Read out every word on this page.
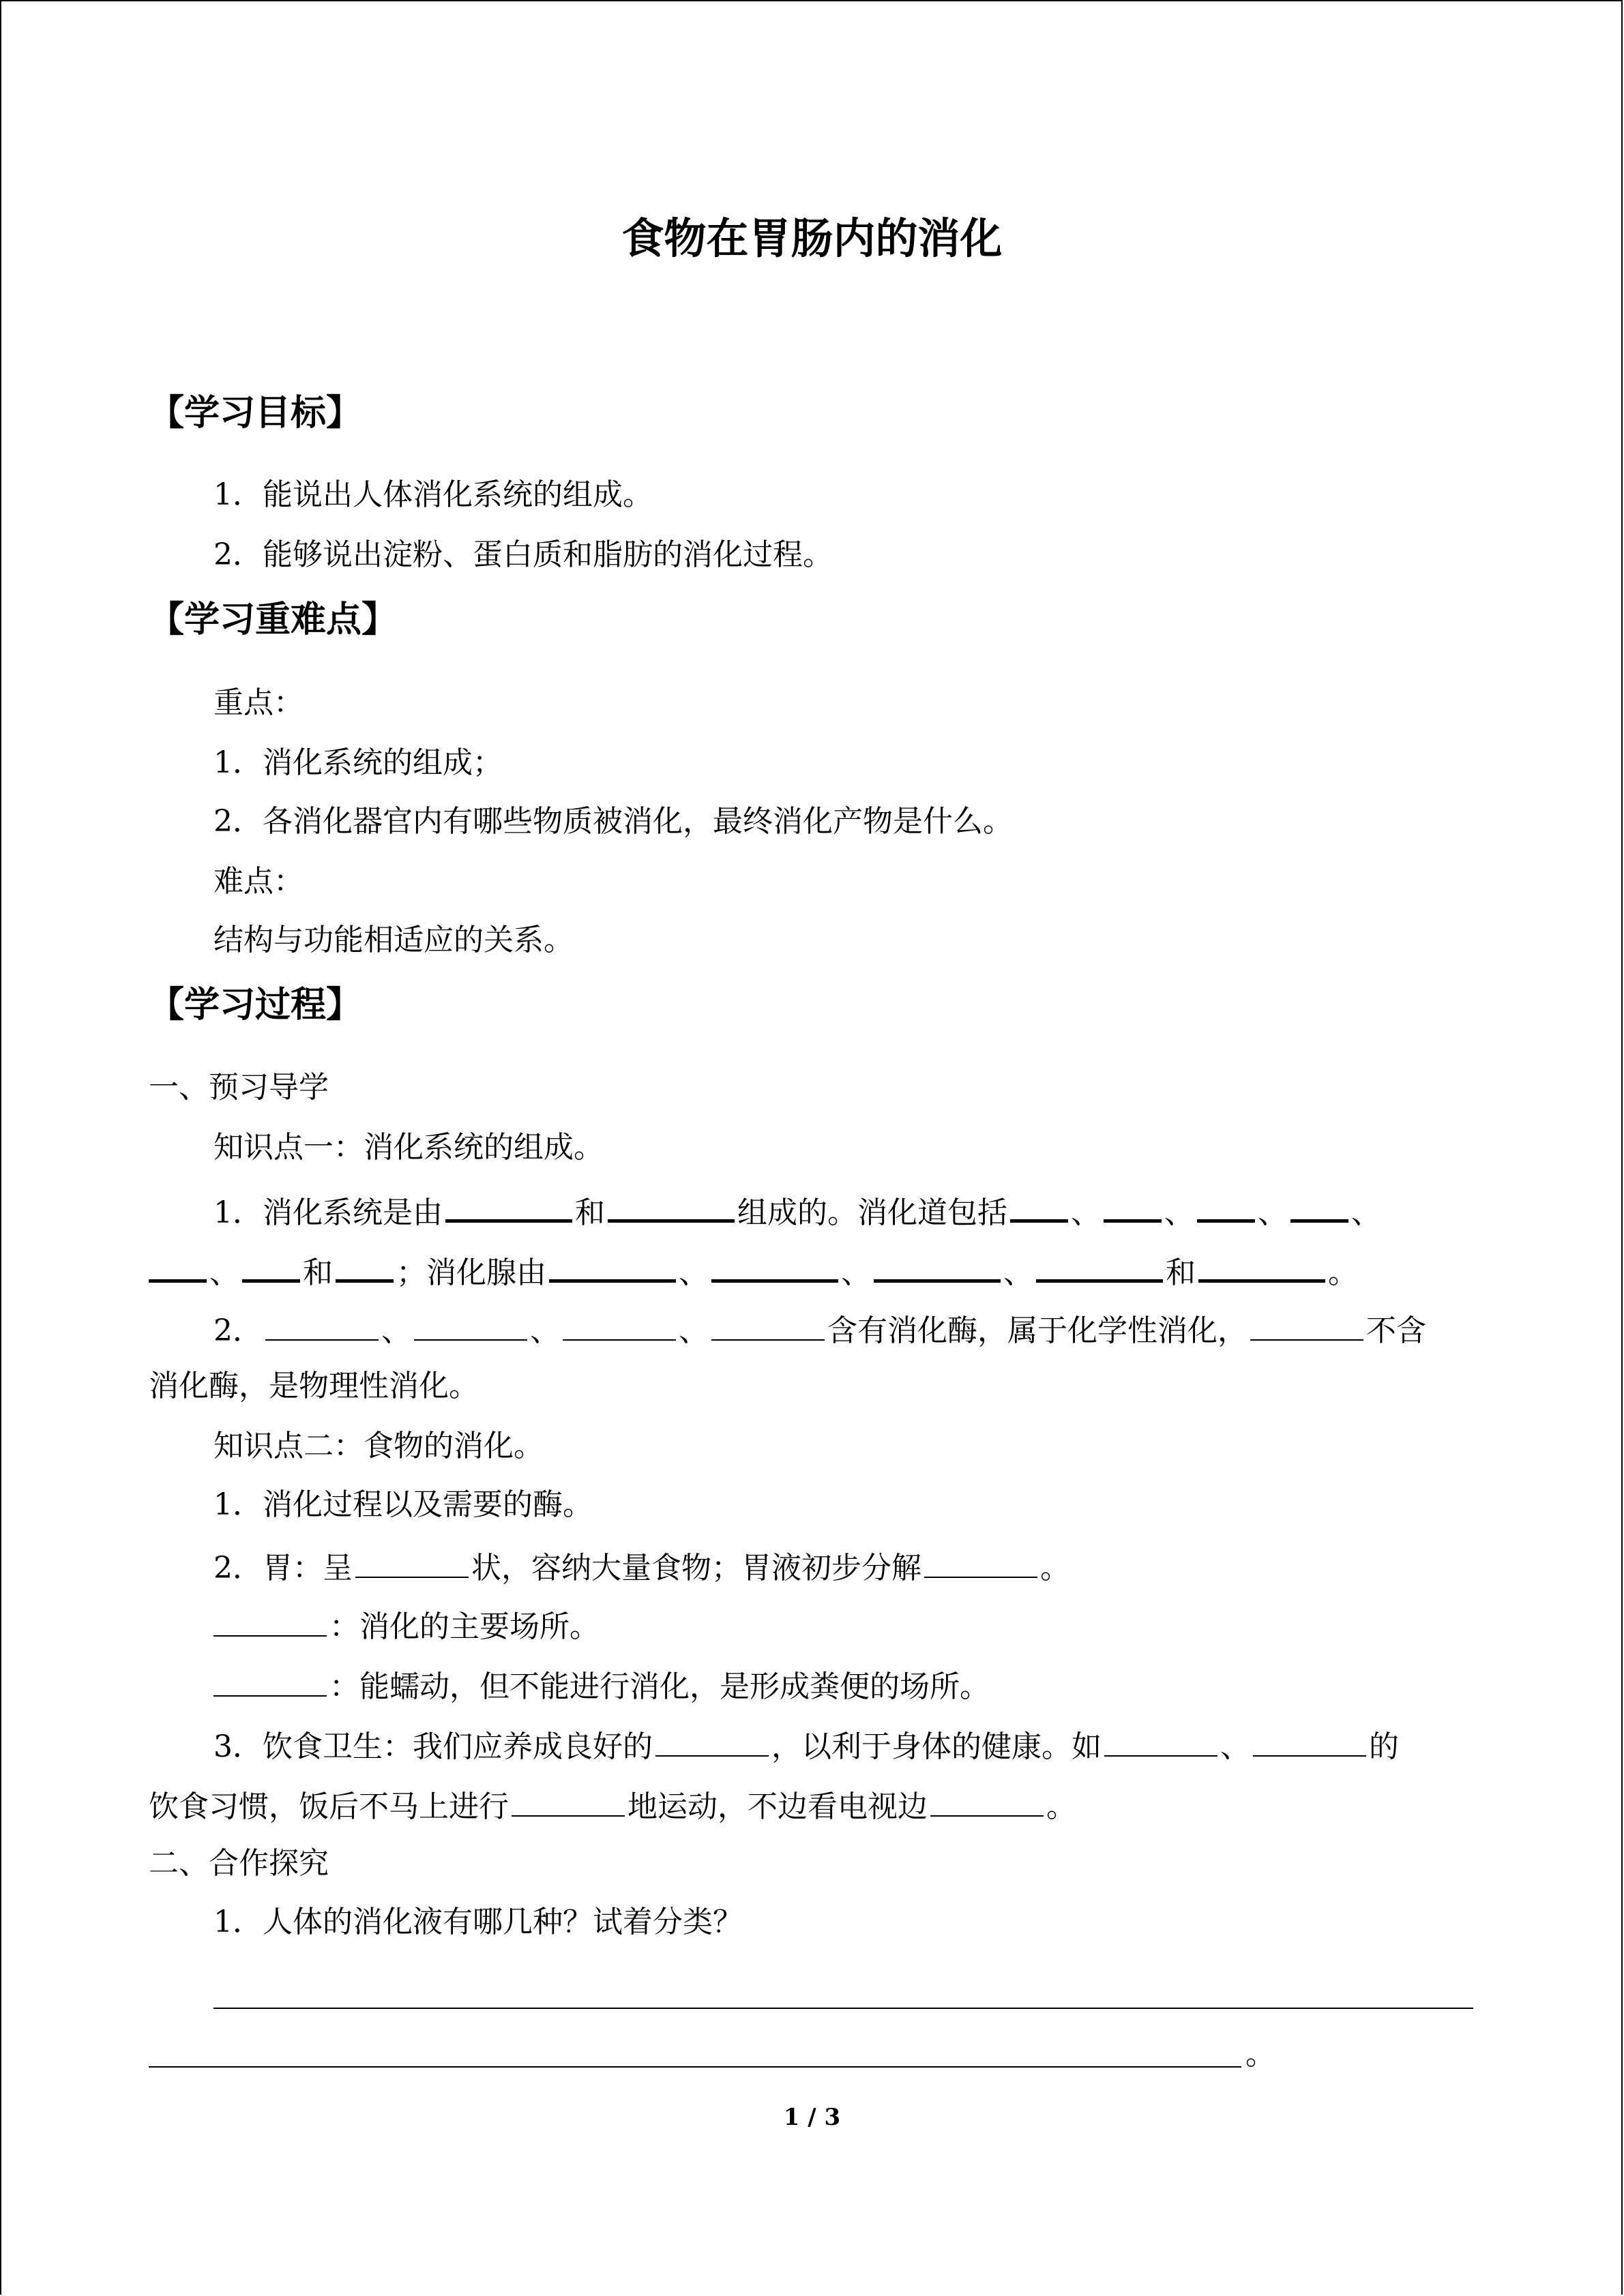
食物在胃肠内的消化
【学习目标】
1．能说出人体消化系统的组成。
2．能够说出淀粉、蛋白质和脂肪的消化过程。
【学习重难点】
重点：
1．消化系统的组成；
2．各消化器官内有哪些物质被消化，最终消化产物是什么。
难点：
结构与功能相适应的关系。
【学习过程】
一、预习导学
知识点一：消化系统的组成。
1．消化系统是由	和	组成的。消化道包括 、 、 、 、
、 和 ；消化腺由	、	、	、	和	。
2．	、	、	、	含有消化酶，属于化学性消化，	不含
消化酶，是物理性消化。
知识点二：食物的消化。
1．消化过程以及需要的酶。
2．胃：呈	状，容纳大量食物；胃液初步分解	。
：消化的主要场所。
：能蠕动，但不能进行消化，是形成粪便的场所。
3．饮食卫生：我们应养成良好的	，以利于身体的健康。如	、	的
饮食习惯，饭后不马上进行	地运动，不边看电视边	。
二、合作探究
1．人体的消化液有哪几种？试着分类？
。
1 / 3
